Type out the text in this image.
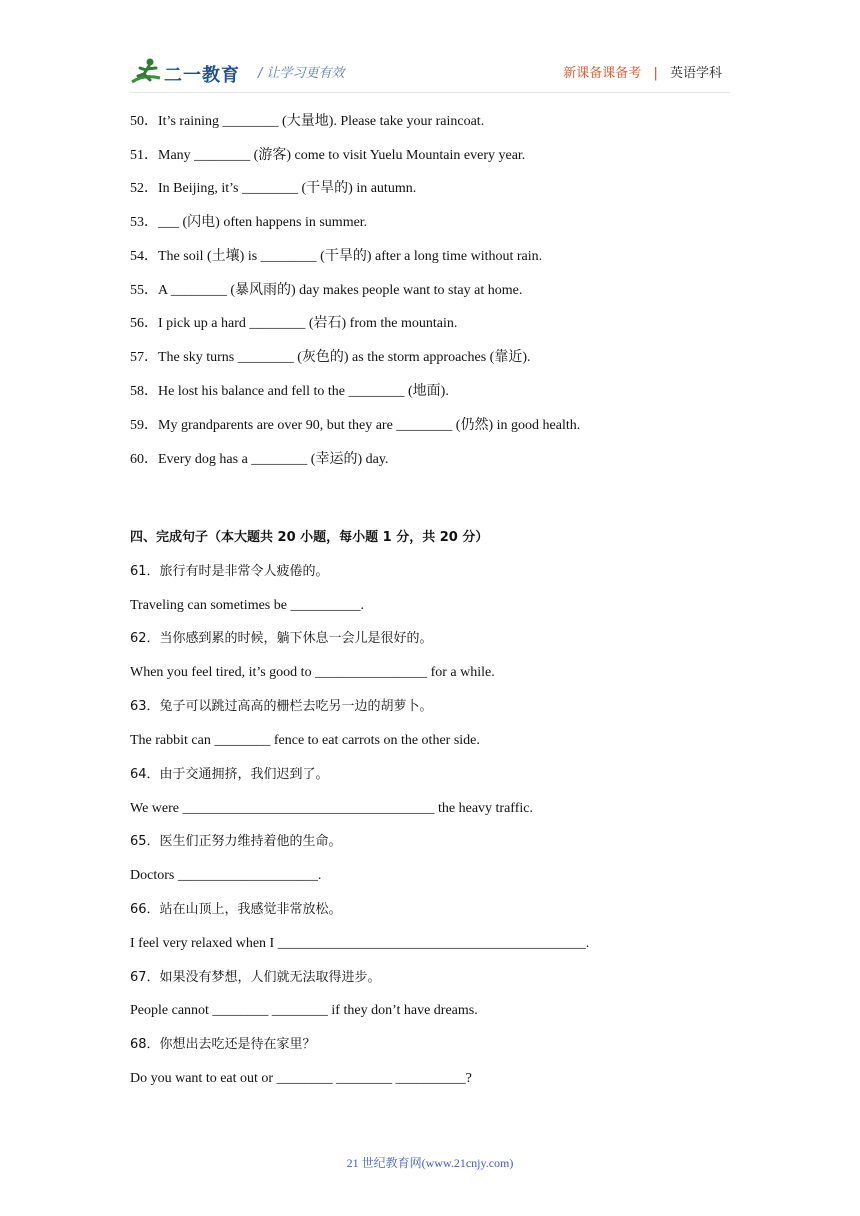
二一教育 / 让学习更有效	新课备课备考 | 英语学科
50．It’s raining ________ (大量地). Please take your raincoat.
51．Many ________ (游客) come to visit Yuelu Mountain every year.
52．In Beijing, it’s ________ (干旱的) in autumn.
53．___ (闪电) often happens in summer.
54．The soil (土壤) is ________ (干旱的) after a long time without rain.
55．A ________ (暴风雨的) day makes people want to stay at home.
56．I pick up a hard ________ (岩石) from the mountain.
57．The sky turns ________ (灰色的) as the storm approaches (靠近).
58．He lost his balance and fell to the ________ (地面).
59．My grandparents are over 90, but they are ________ (仍然) in good health.
60．Every dog has a ________ (幸运的) day.
四、完成句子（本大题共 20 小题，每小题 1 分，共 20 分）
61．旅行有时是非常令人疲倦的。
Traveling can sometimes be __________.
62．当你感到累的时候，躺下休息一会儿是很好的。
When you feel tired, it’s good to ________________ for a while.
63．兔子可以跳过高高的栅栏去吃另一边的胡萝卜。
The rabbit can ________ fence to eat carrots on the other side.
64．由于交通拥挤，我们迟到了。
We were ____________________________________ the heavy traffic.
65．医生们正努力维持着他的生命。
Doctors ____________________.
66．站在山顶上，我感觉非常放松。
I feel very relaxed when I ____________________________________________.
67．如果没有梦想，人们就无法取得进步。
People cannot ________ ________ if they don’t have dreams.
68．你想出去吃还是待在家里？
Do you want to eat out or ________ ________ __________?
21 世纪教育网(www.21cnjy.com)
